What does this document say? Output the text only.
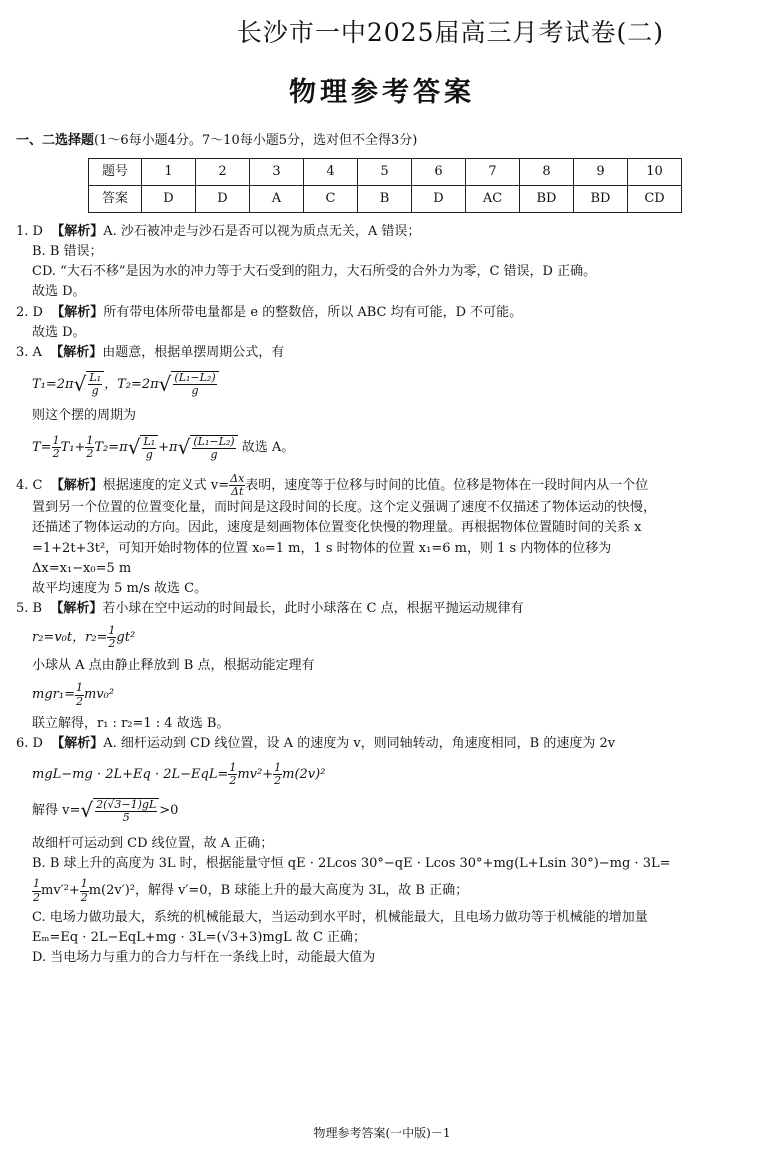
长沙市一中2025届高三月考试卷(二)
物理参考答案
一、二选择题(1～6每小题4分。7～10每小题5分，选对但不全得3分)
题号	1	2	3	4	5	6	7	8	9	10
答案	D	D	A	C	B	D	AC	BD	BD	CD

1. D 【解析】A. 沙石被冲走与沙石是否可以视为质点无关，A 错误；

B. B 错误；

CD. “大石不移”是因为水的冲力等于大石受到的阻力，大石所受的合外力为零，C 错误，D 正确。

故选 D。

2. D 【解析】所有带电体所带电量都是 e 的整数倍，所以 ABC 均有可能，D 不可能。

故选 D。

3. A 【解析】由题意，根据单摆周期公式，有

$T_1=2\pi√ \frac{\text{L₁}}{g}$ ，$T_2=2\pi√ \frac{\text{(L₁−L₂)}}{g}$

则这个摆的周期为

$T= \frac{1}{2} T_1+ \frac{1}{2} T_2=\pi√ \frac{\text{L₁}}{g} +\pi√ \frac{\text{(L₁−L₂)}}{g}$ 故选 A。

4. C 【解析】根据速度的定义式 $v= \frac{\Delta x}{\Delta t}$ 表明，速度等于位移与时间的比值。位移是物体在一段时间内从一个位

置到另一个位置的位置变化量，而时间是这段时间的长度。这个定义强调了速度不仅描述了物体运动的快慢，

还描述了物体运动的方向。因此，速度是刻画物体位置变化快慢的物理量。再根据物体位置随时间的关系 x

=1+2t+3t²，可知开始时物体的位置 x₀=1 m，1 s 时物体的位置 x₁=6 m，则 1 s 内物体的位移为

Δx=x₁−x₀=5 m

故平均速度为 5 m/s 故选 C。

5. B 【解析】若小球在空中运动的时间最长，此时小球落在 C 点，根据平抛运动规律有

r₂=v₀t，$r_2= \frac{1}{2} gt^2$

小球从 A 点由静止释放到 B 点，根据动能定理有

$mgr_1= \frac{1}{2} mv_0^2$

联立解得，r₁ : r₂=1 : 4 故选 B。

6. D 【解析】A. 细杆运动到 CD 线位置，设 A 的速度为 v，则同轴转动，角速度相同，B 的速度为 2v

$mgL-mg \cdot 2L+Eq \cdot 2L-EqL= \frac{1}{2} mv^2+ \frac{1}{2} m(2v)^2$

解得 $v=√ \frac{2(√3-1)gL}{5} >0$

故细杆可运动到 CD 线位置，故 A 正确；

B. B 球上升的高度为 3L 时，根据能量守恒 qE · 2Lcos 30°−qE · Lcos 30°+mg(L+Lsin 30°)−mg · 3L=

$\frac{1}{2} mv'^2+ \frac{1}{2} m(2v')^2$，解得 v′=0，B 球能上升的最大高度为 3L，故 B 正确；

C. 电场力做功最大，系统的机械能最大，当运动到水平时，机械能最大，且电场力做功等于机械能的增加量

Eₘ=Eq · 2L−EqL+mg · 3L=(√3+3)mgL 故 C 正确；

D. 当电场力与重力的合力与杆在一条线上时，动能最大值为

物理参考答案(一中版)－1
